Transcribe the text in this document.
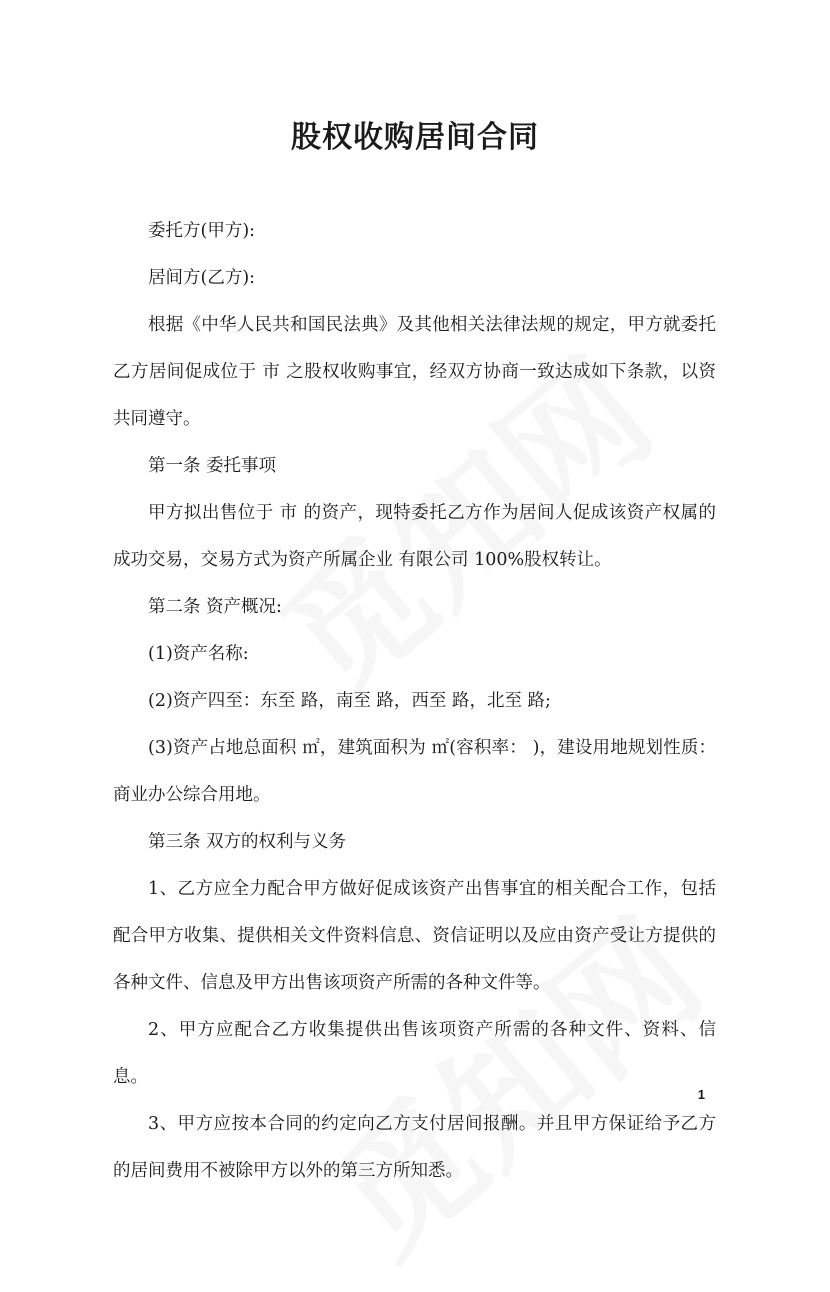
股权收购居间合同

委托方(甲方):

居间方(乙方):

根据《中华人民共和国民法典》及其他相关法律法规的规定，甲方就委托乙方居间促成位于 市 之股权收购事宜，经双方协商一致达成如下条款，以资共同遵守。

第一条 委托事项

甲方拟出售位于 市 的资产，现特委托乙方作为居间人促成该资产权属的成功交易，交易方式为资产所属企业 有限公司 100%股权转让。

第二条 资产概况:

(1)资产名称:

(2)资产四至：东至 路，南至 路，西至 路，北至 路;

(3)资产占地总面积 ㎡，建筑面积为 ㎡(容积率： )，建设用地规划性质：商业办公综合用地。

第三条 双方的权利与义务

1、乙方应全力配合甲方做好促成该资产出售事宜的相关配合工作，包括配合甲方收集、提供相关文件资料信息、资信证明以及应由资产受让方提供的各种文件、信息及甲方出售该项资产所需的各种文件等。

2、甲方应配合乙方收集提供出售该项资产所需的各种文件、资料、信息。

3、甲方应按本合同的约定向乙方支付居间报酬。并且甲方保证给予乙方的居间费用不被除甲方以外的第三方所知悉。

1
